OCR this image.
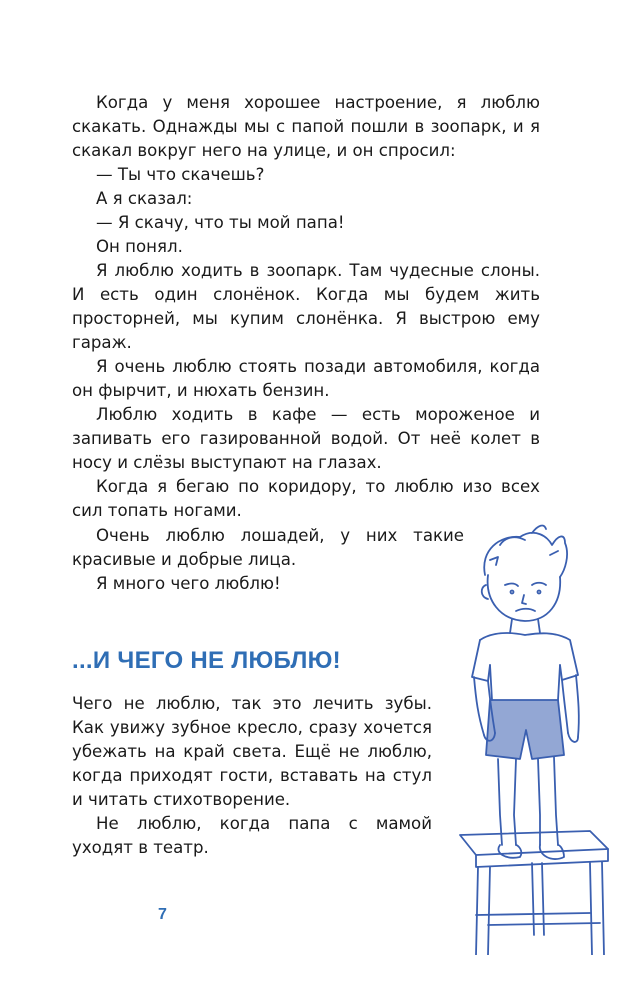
Когда у меня хорошее настроение, я люблю скакать. Однажды мы с папой пошли в зоопарк, и я скакал вокруг него на улице, и он спросил:

— Ты что скачешь?

А я сказал:

— Я скачу, что ты мой папа!

Он понял.

Я люблю ходить в зоопарк. Там чудесные слоны. И есть один слонёнок. Когда мы будем жить просторней, мы купим слонёнка. Я выстрою ему гараж.

Я очень люблю стоять позади автомобиля, когда он фырчит, и нюхать бензин.

Люблю ходить в кафе — есть мороженое и запивать его газированной водой. От неё колет в носу и слёзы выступают на глазах.

Когда я бегаю по коридору, то люблю изо всех сил топать ногами.

Очень люблю лошадей, у них такие красивые и добрые лица.

Я много чего люблю!

...И ЧЕГО НЕ ЛЮБЛЮ!

Чего не люблю, так это лечить зубы. Как увижу зубное кресло, сразу хочется убежать на край света. Ещё не люблю, когда приходят гости, вставать на стул и читать стихотворение.

Не люблю, когда папа с мамой уходят в театр.

7
